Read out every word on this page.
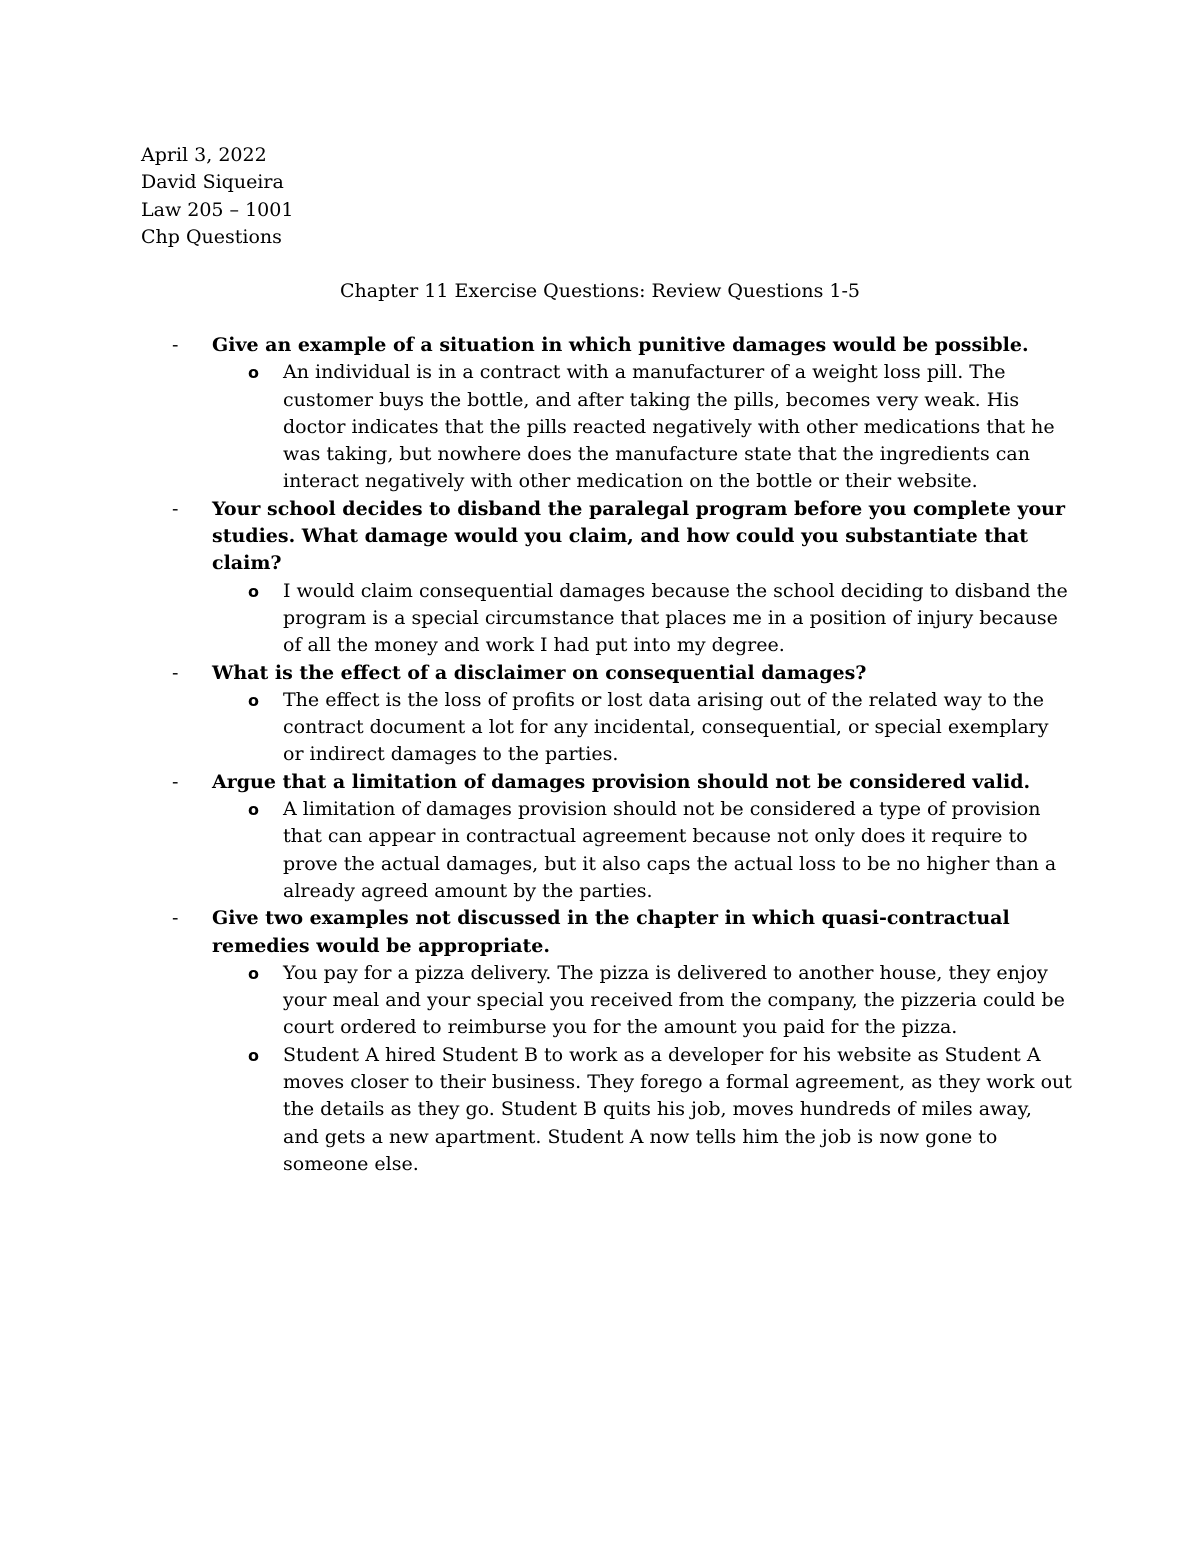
April 3, 2022
David Siqueira
Law 205 – 1001
Chp Questions
Chapter 11 Exercise Questions: Review Questions 1-5
- Give an example of a situation in which punitive damages would be possible.
o An individual is in a contract with a manufacturer of a weight loss pill. The customer buys the bottle, and after taking the pills, becomes very weak. His doctor indicates that the pills reacted negatively with other medications that he was taking, but nowhere does the manufacture state that the ingredients can interact negatively with other medication on the bottle or their website.
- Your school decides to disband the paralegal program before you complete your studies. What damage would you claim, and how could you substantiate that claim?
o I would claim consequential damages because the school deciding to disband the program is a special circumstance that places me in a position of injury because of all the money and work I had put into my degree.
- What is the effect of a disclaimer on consequential damages?
o The effect is the loss of profits or lost data arising out of the related way to the contract document a lot for any incidental, consequential, or special exemplary or indirect damages to the parties.
- Argue that a limitation of damages provision should not be considered valid.
o A limitation of damages provision should not be considered a type of provision that can appear in contractual agreement because not only does it require to prove the actual damages, but it also caps the actual loss to be no higher than a already agreed amount by the parties.
- Give two examples not discussed in the chapter in which quasi-contractual remedies would be appropriate.
o You pay for a pizza delivery. The pizza is delivered to another house, they enjoy your meal and your special you received from the company, the pizzeria could be court ordered to reimburse you for the amount you paid for the pizza.
o Student A hired Student B to work as a developer for his website as Student A moves closer to their business. They forego a formal agreement, as they work out the details as they go. Student B quits his job, moves hundreds of miles away, and gets a new apartment. Student A now tells him the job is now gone to someone else.
